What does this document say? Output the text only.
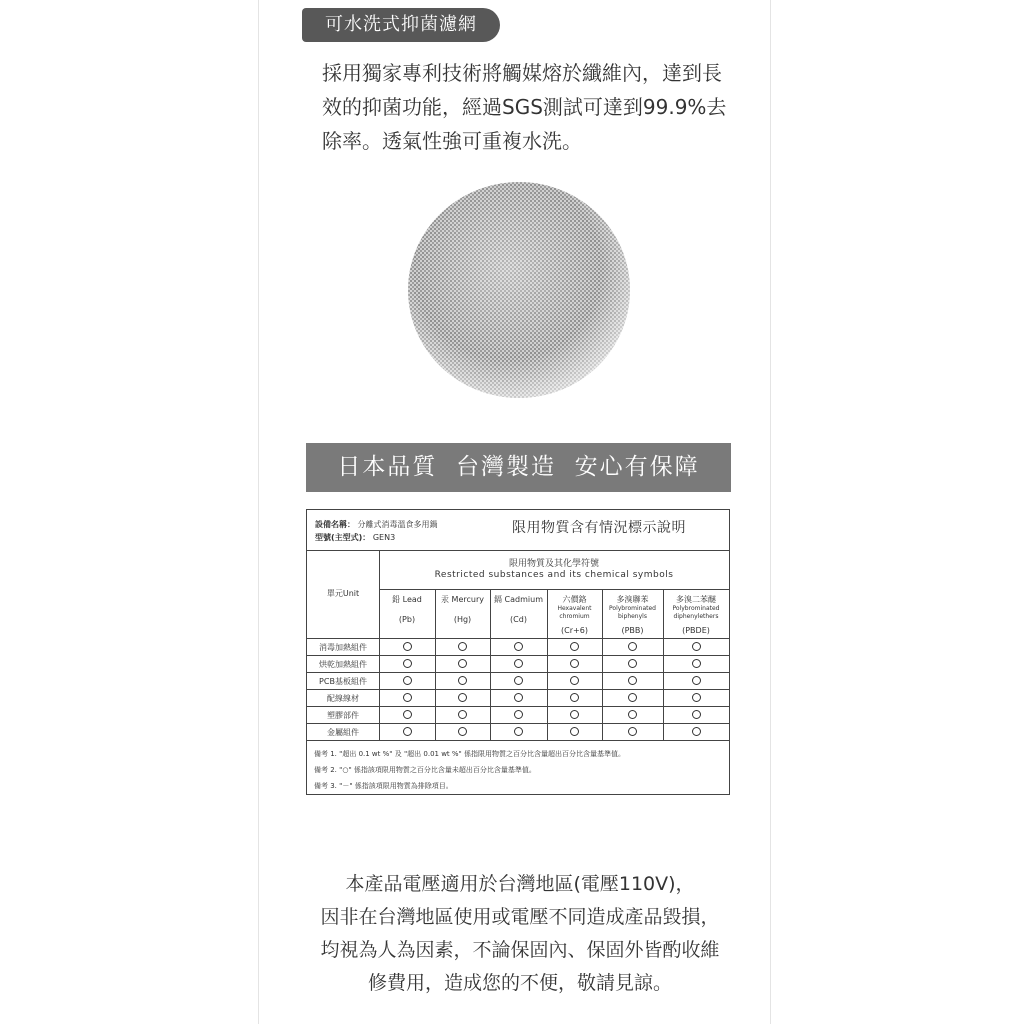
可水洗式抑菌濾網
採用獨家專利技術將觸媒熔於纖維內，達到長
效的抑菌功能，經過SGS測試可達到99.9%去
除率。透氣性強可重複水洗。
日本品質  台灣製造  安心有保障
設備名稱： 分離式消毒溫食多用鍋
型號(主型式)： GEN3
限用物質含有情況標示說明
限用物質及其化學符號
Restricted substances and its chemical symbols
單元Unit
鉛 Lead
(Pb)
汞 Mercury
(Hg)
鎘 Cadmium
(Cd)
六價鉻
Hexavalent chromium
(Cr+6)
多溴聯苯
Polybrominated biphenyls
(PBB)
多溴二苯醚
Polybrominated diphenylethers
(PBDE)
消毒加熱組件
烘乾加熱組件
PCB基板組件
配線線材
塑膠部件
金屬組件
備考 1. "超出 0.1 wt %" 及 "超出 0.01 wt %" 係指限用物質之百分比含量超出百分比含量基準值。
備考 2. "○" 係指該項限用物質之百分比含量未超出百分比含量基準值。
備考 3. "－" 係指該項限用物質為排除項目。
本產品電壓適用於台灣地區(電壓110V)，
因非在台灣地區使用或電壓不同造成產品毀損，
均視為人為因素，不論保固內、保固外皆酌收維
修費用，造成您的不便，敬請見諒。
